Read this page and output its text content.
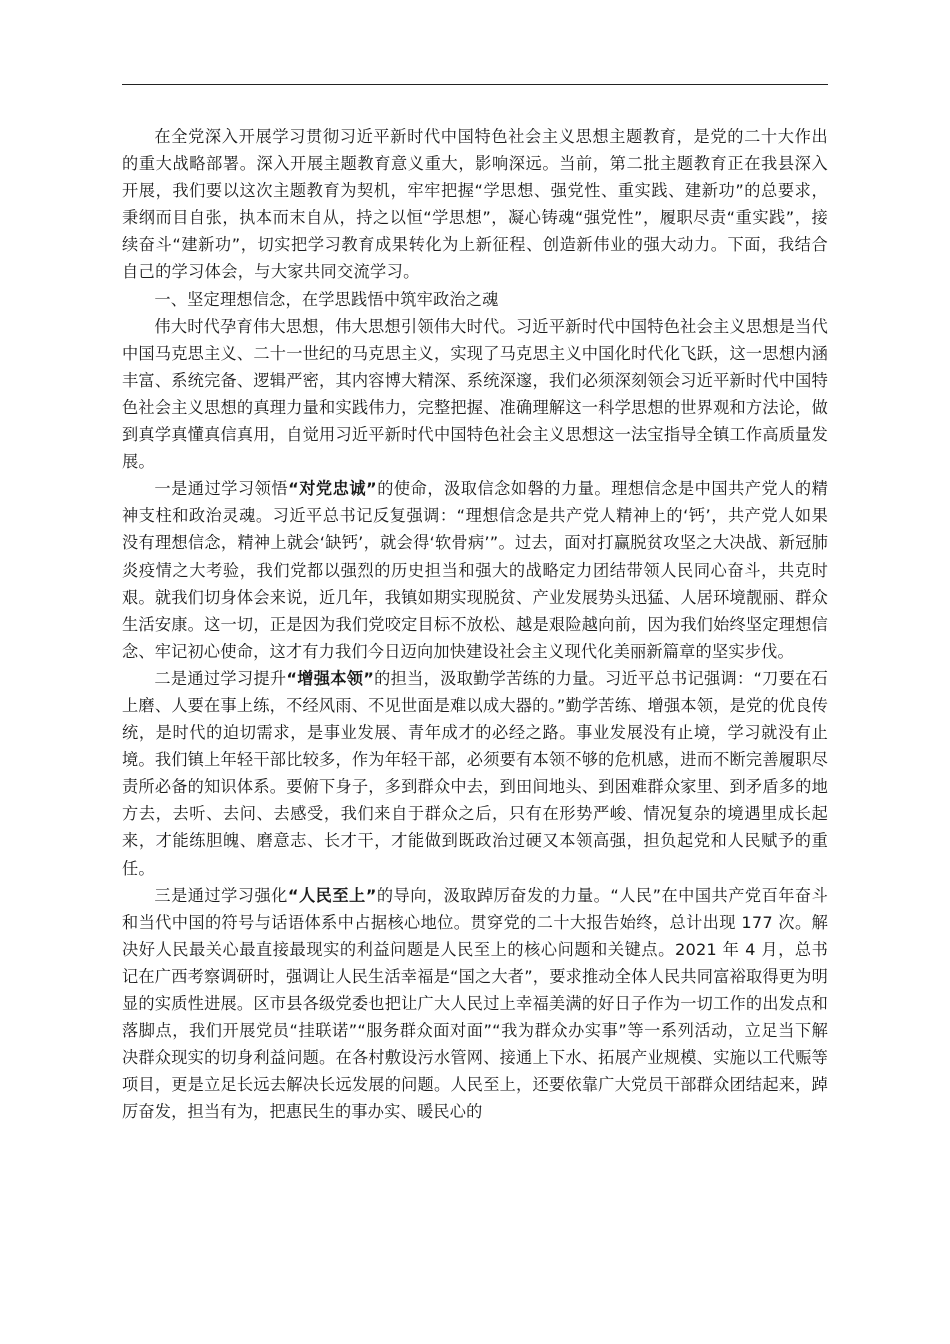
在全党深入开展学习贯彻习近平新时代中国特色社会主义思想主题教育，是党的二十大作出的重大战略部署。深入开展主题教育意义重大，影响深远。当前，第二批主题教育正在我县深入开展，我们要以这次主题教育为契机，牢牢把握“学思想、强党性、重实践、建新功”的总要求，秉纲而目自张，执本而末自从，持之以恒“学思想”，凝心铸魂“强党性”，履职尽责“重实践”，接续奋斗“建新功”，切实把学习教育成果转化为上新征程、创造新伟业的强大动力。下面，我结合自己的学习体会，与大家共同交流学习。

一、坚定理想信念，在学思践悟中筑牢政治之魂

伟大时代孕育伟大思想，伟大思想引领伟大时代。习近平新时代中国特色社会主义思想是当代中国马克思主义、二十一世纪的马克思主义，实现了马克思主义中国化时代化飞跃，这一思想内涵丰富、系统完备、逻辑严密，其内容博大精深、系统深邃，我们必须深刻领会习近平新时代中国特色社会主义思想的真理力量和实践伟力，完整把握、准确理解这一科学思想的世界观和方法论，做到真学真懂真信真用，自觉用习近平新时代中国特色社会主义思想这一法宝指导全镇工作高质量发展。

一是通过学习领悟“对党忠诚”的使命，汲取信念如磐的力量。理想信念是中国共产党人的精神支柱和政治灵魂。习近平总书记反复强调：“理想信念是共产党人精神上的‘钙’，共产党人如果没有理想信念，精神上就会‘缺钙’，就会得‘软骨病’”。过去，面对打赢脱贫攻坚之大决战、新冠肺炎疫情之大考验，我们党都以强烈的历史担当和强大的战略定力团结带领人民同心奋斗，共克时艰。就我们切身体会来说，近几年，我镇如期实现脱贫、产业发展势头迅猛、人居环境靓丽、群众生活安康。这一切，正是因为我们党咬定目标不放松、越是艰险越向前，因为我们始终坚定理想信念、牢记初心使命，这才有力我们今日迈向加快建设社会主义现代化美丽新篇章的坚实步伐。

二是通过学习提升“增强本领”的担当，汲取勤学苦练的力量。习近平总书记强调：“刀要在石上磨、人要在事上练，不经风雨、不见世面是难以成大器的。”勤学苦练、增强本领，是党的优良传统，是时代的迫切需求，是事业发展、青年成才的必经之路。事业发展没有止境，学习就没有止境。我们镇上年轻干部比较多，作为年轻干部，必须要有本领不够的危机感，进而不断完善履职尽责所必备的知识体系。要俯下身子，多到群众中去，到田间地头、到困难群众家里、到矛盾多的地方去，去听、去问、去感受，我们来自于群众之后，只有在形势严峻、情况复杂的境遇里成长起来，才能练胆魄、磨意志、长才干，才能做到既政治过硬又本领高强，担负起党和人民赋予的重任。

三是通过学习强化“人民至上”的导向，汲取踔厉奋发的力量。“人民”在中国共产党百年奋斗和当代中国的符号与话语体系中占据核心地位。贯穿党的二十大报告始终，总计出现 177 次。解决好人民最关心最直接最现实的利益问题是人民至上的核心问题和关键点。2021 年 4 月，总书记在广西考察调研时，强调让人民生活幸福是“国之大者”，要求推动全体人民共同富裕取得更为明显的实质性进展。区市县各级党委也把让广大人民过上幸福美满的好日子作为一切工作的出发点和落脚点，我们开展党员“挂联诺”“服务群众面对面”“我为群众办实事”等一系列活动，立足当下解决群众现实的切身利益问题。在各村敷设污水管网、接通上下水、拓展产业规模、实施以工代赈等项目，更是立足长远去解决长远发展的问题。人民至上，还要依靠广大党员干部群众团结起来，踔厉奋发，担当有为，把惠民生的事办实、暖民心的
